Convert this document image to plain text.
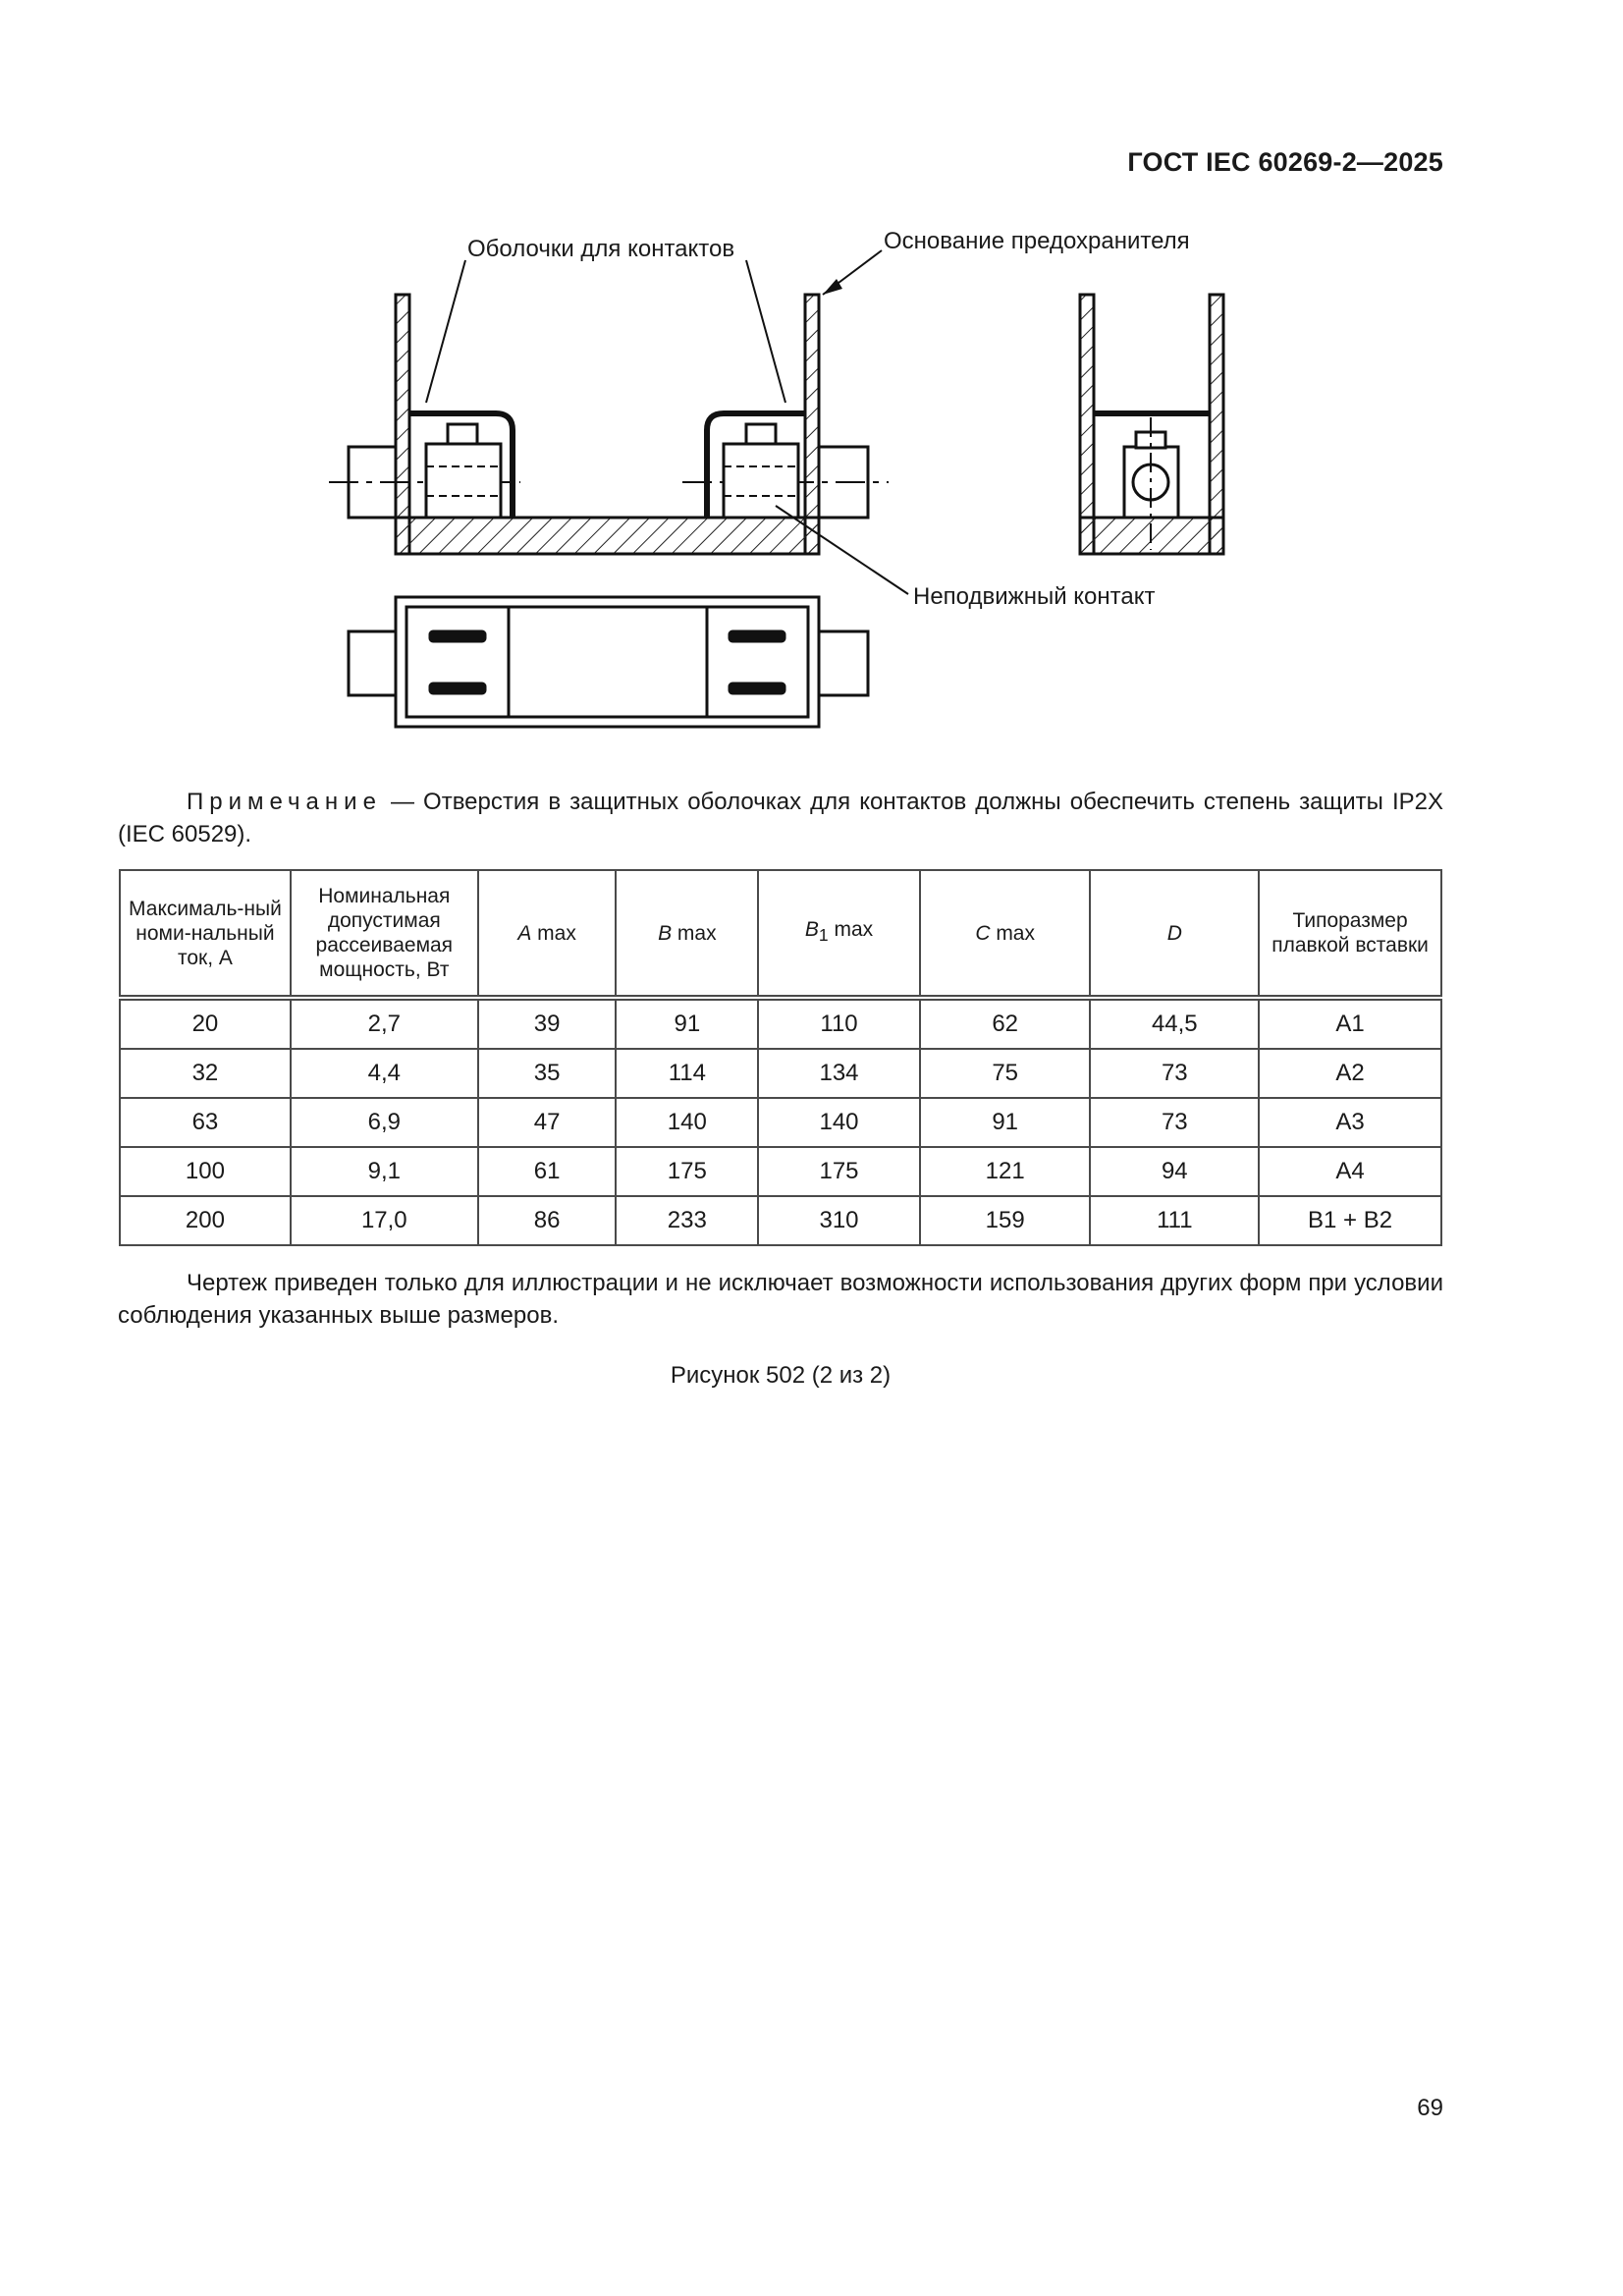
ГОСТ IEC 60269-2—2025
Оболочки для контактов	Основание предохранителя
Неподвижный контакт
Примечание — Отверстия в защитных оболочках для контактов должны обеспечить степень защиты IP2X (IEC 60529).
Максималь-ный номи-нальный ток, А	Номинальная допустимая рассеиваемая мощность, Вт	A max	B max	$B_1$ max	C max	D	Типоразмер плавкой вставки
20	2,7	39	91	110	62	44,5	A1
32	4,4	35	114	134	75	73	A2
63	6,9	47	140	140	91	73	A3
100	9,1	61	175	175	121	94	A4
200	17,0	86	233	310	159	111	B1 + B2
Чертеж приведен только для иллюстрации и не исключает возможности использования других форм при условии соблюдения указанных выше размеров.
Рисунок 502 (2 из 2)
69
